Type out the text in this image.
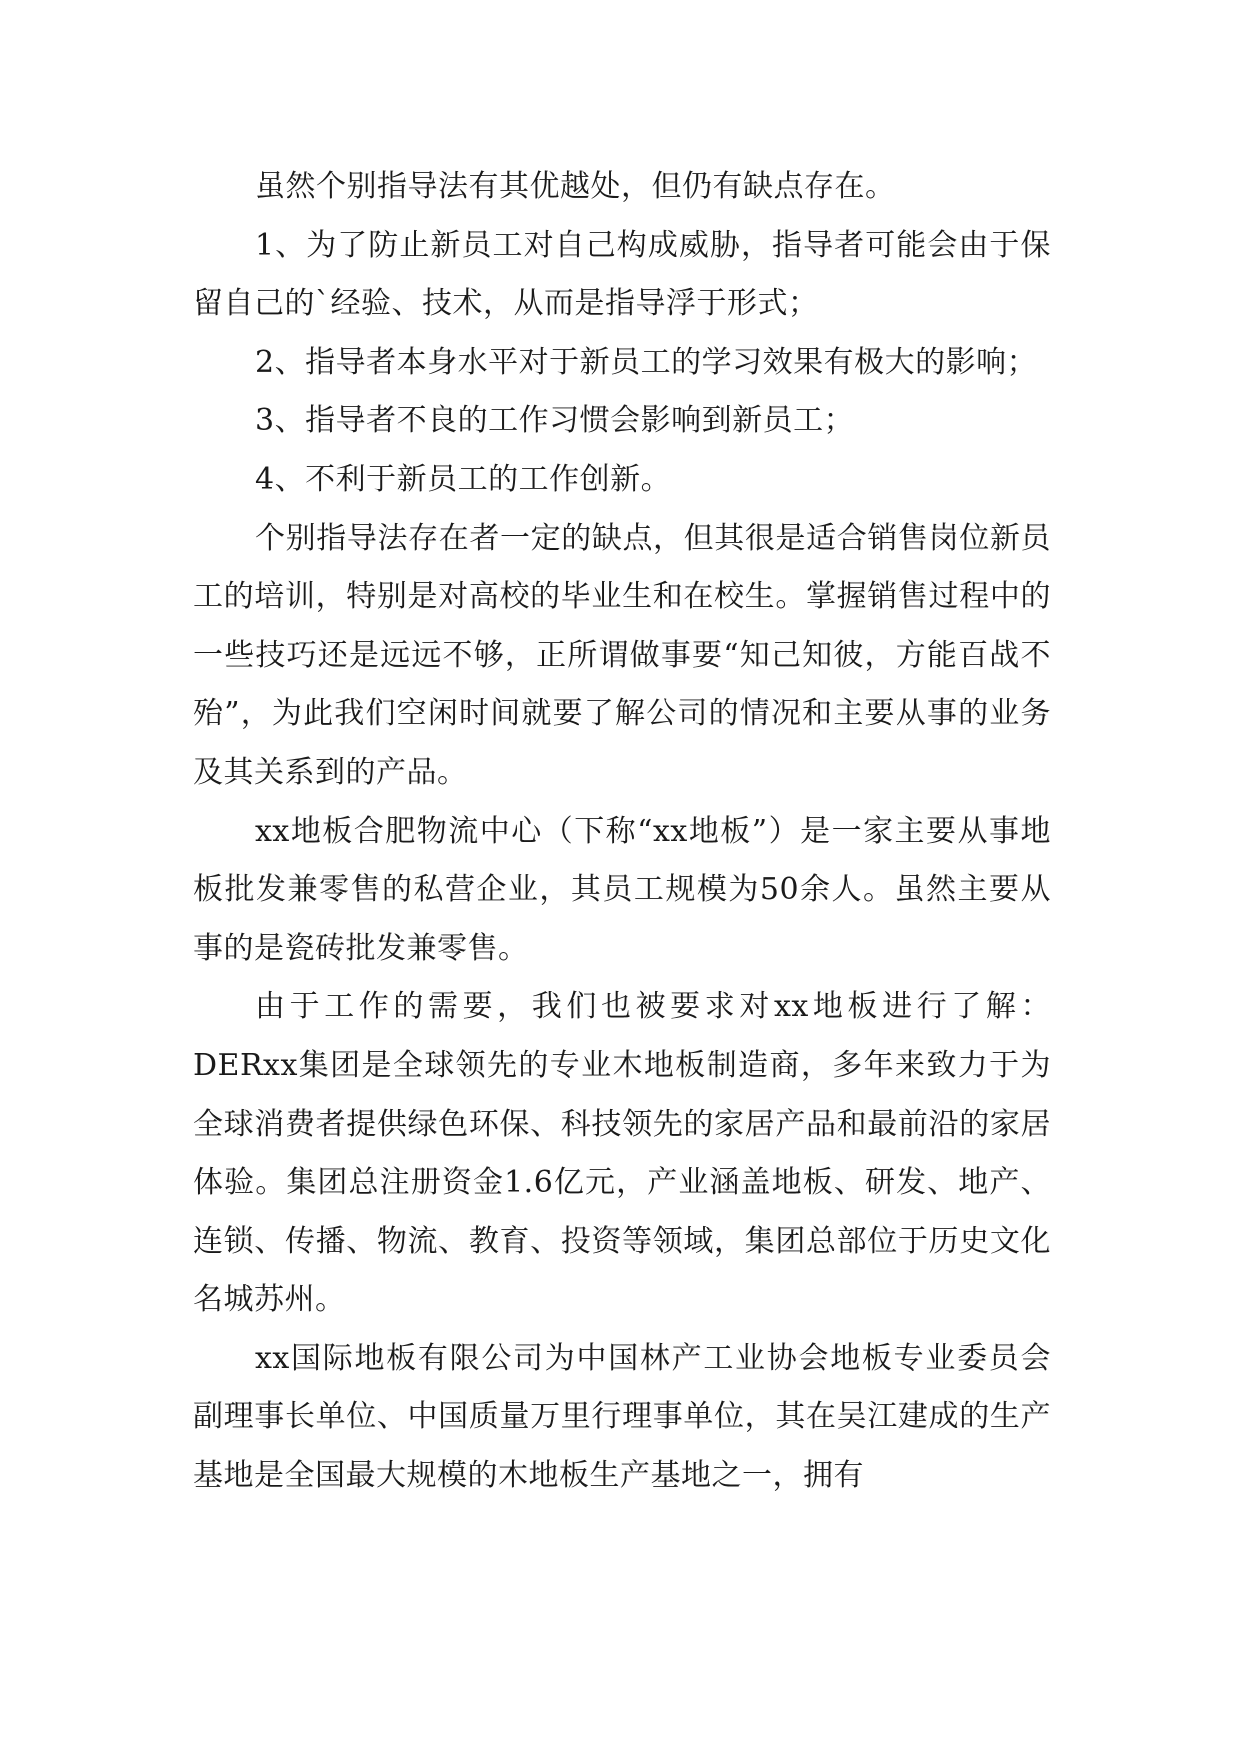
虽然个别指导法有其优越处，但仍有缺点存在。

1、为了防止新员工对自己构成威胁，指导者可能会由于保留自己的`经验、技术，从而是指导浮于形式；

2、指导者本身水平对于新员工的学习效果有极大的影响；

3、指导者不良的工作习惯会影响到新员工；

4、不利于新员工的工作创新。

个别指导法存在者一定的缺点，但其很是适合销售岗位新员工的培训，特别是对高校的毕业生和在校生。掌握销售过程中的一些技巧还是远远不够，正所谓做事要“知己知彼，方能百战不殆”，为此我们空闲时间就要了解公司的情况和主要从事的业务及其关系到的产品。

xx地板合肥物流中心（下称“xx地板”）是一家主要从事地板批发兼零售的私营企业，其员工规模为50余人。虽然主要从事的是瓷砖批发兼零售。

由于工作的需要，我们也被要求对xx地板进行了解：DERxx集团是全球领先的专业木地板制造商，多年来致力于为全球消费者提供绿色环保、科技领先的家居产品和最前沿的家居体验。集团总注册资金1.6亿元，产业涵盖地板、研发、地产、连锁、传播、物流、教育、投资等领域，集团总部位于历史文化名城苏州。

xx国际地板有限公司为中国林产工业协会地板专业委员会副理事长单位、中国质量万里行理事单位，其在吴江建成的生产基地是全国最大规模的木地板生产基地之一，拥有
